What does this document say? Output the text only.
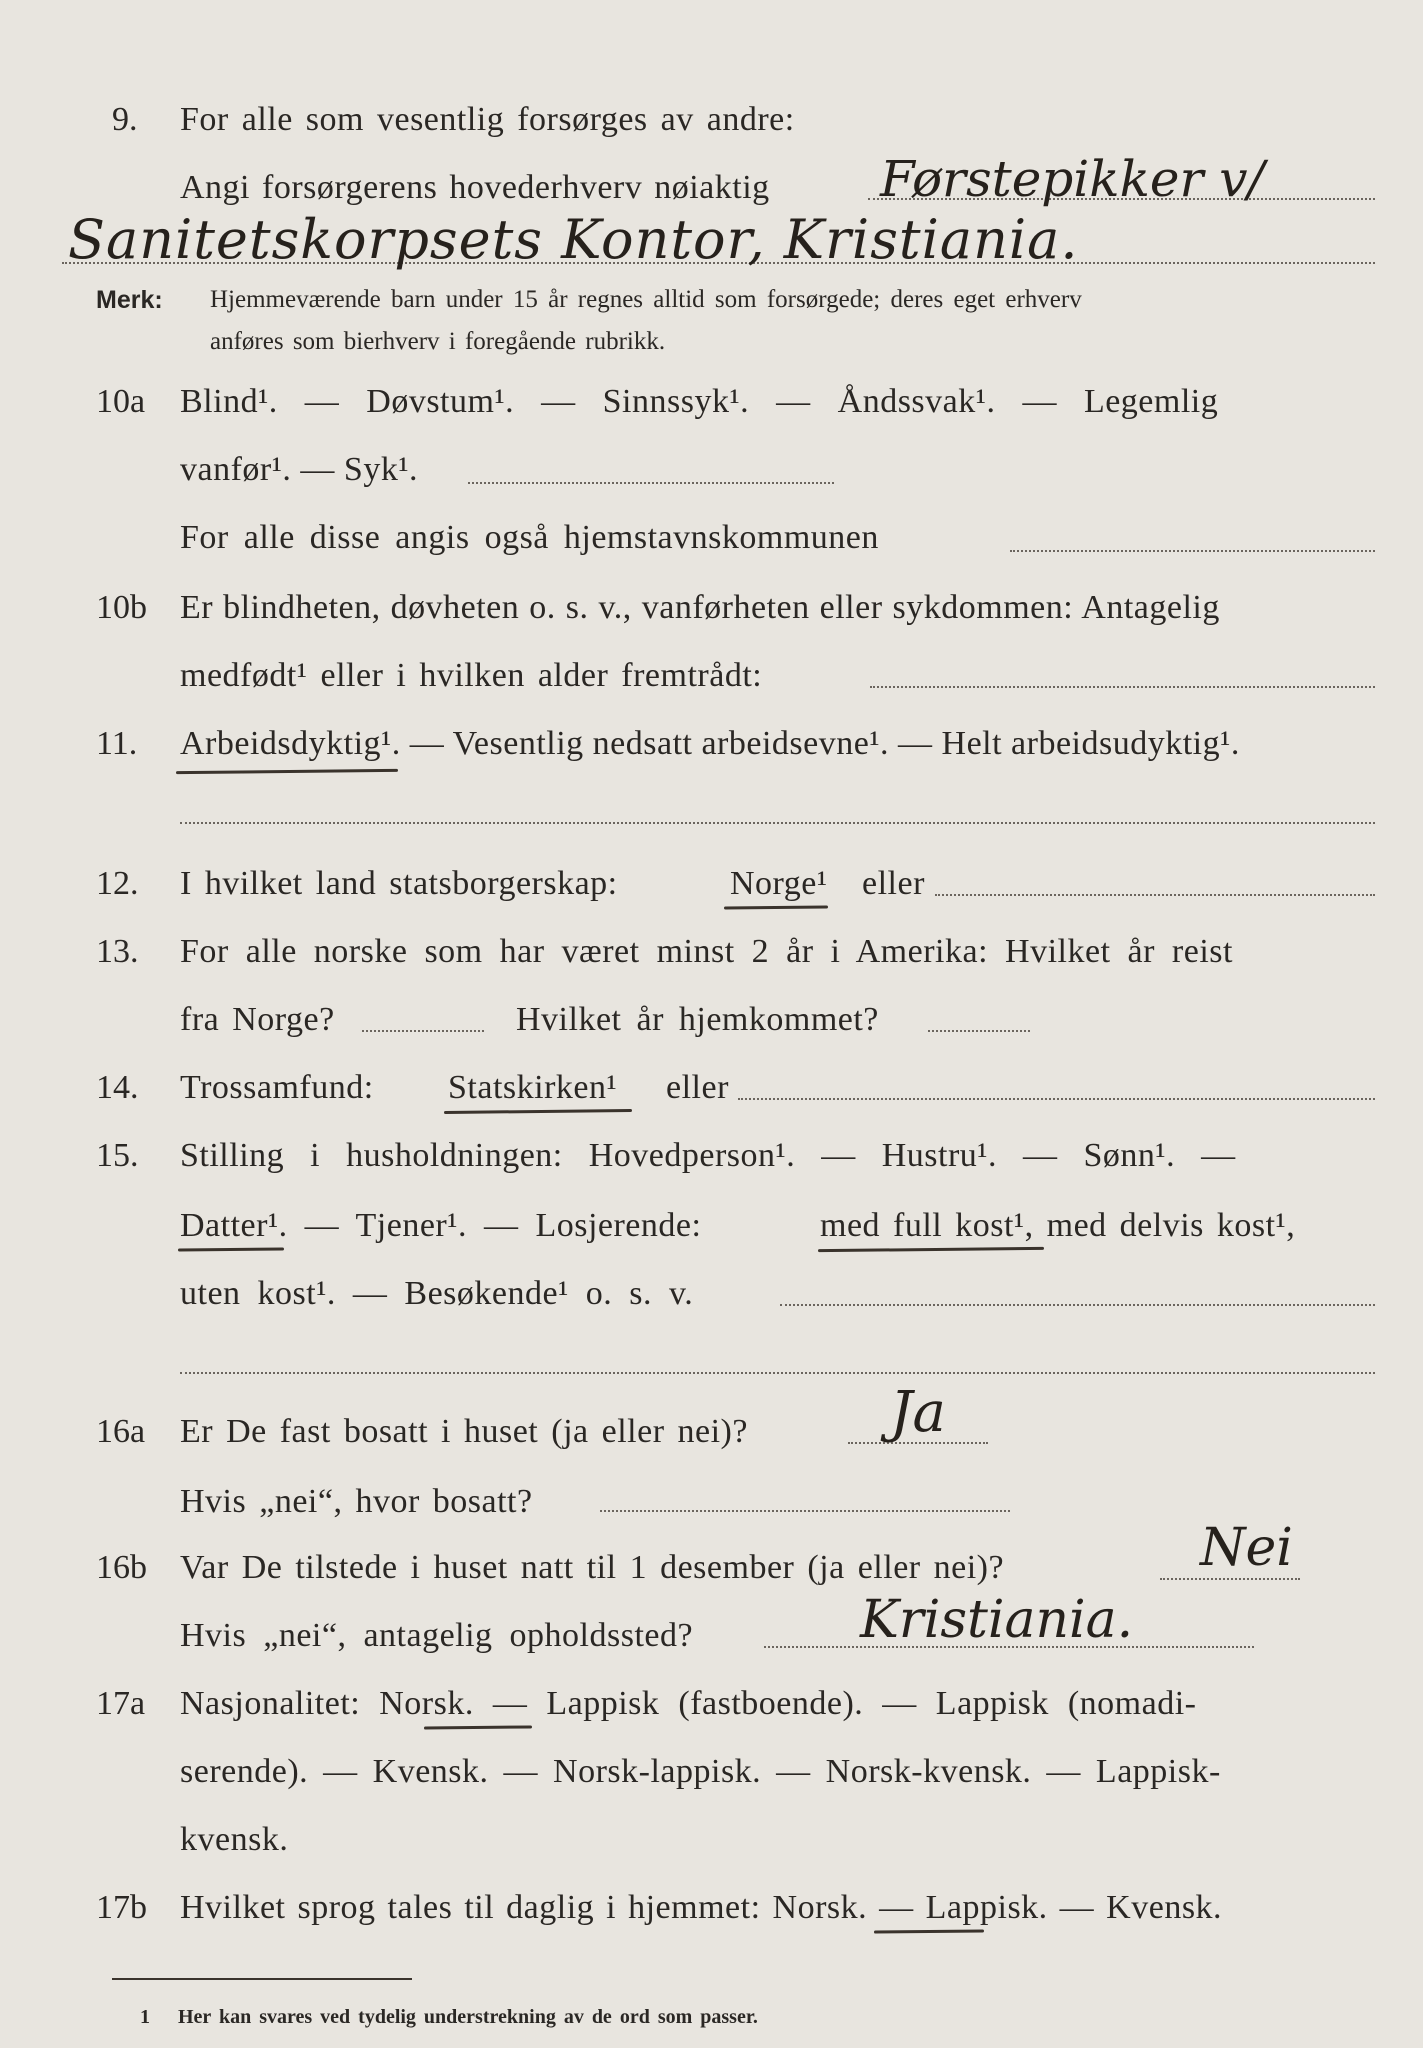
9. For alle som vesentlig forsørges av andre:
Angi forsørgerens hovederhverv nøiaktig Førstepikker v/
Sanitetskorpsets Kontor, Kristiania.
Merk: Hjemmeværende barn under 15 år regnes alltid som forsørgede; deres eget erhverv
anføres som bierhverv i foregående rubrikk.
10a Blind¹. — Døvstum¹. — Sinnssyk¹. — Åndssvak¹. — Legemlig
vanfør¹. — Syk¹.
For alle disse angis også hjemstavnskommunen
10b Er blindheten, døvheten o. s. v., vanførheten eller sykdommen: Antagelig
medfødt¹ eller i hvilken alder fremtrådt:
11. Arbeidsdyktig¹. — Vesentlig nedsatt arbeidsevne¹. — Helt arbeidsudyktig¹.
12. I hvilket land statsborgerskap:	Norge¹ eller
13. For alle norske som har været minst 2 år i Amerika: Hvilket år reist
fra Norge?	Hvilket år hjemkommet?
14. Trossamfund: Statskirken¹ eller
15. Stilling i husholdningen: Hovedperson¹. — Hustru¹. — Sønn¹. —
Datter¹. — Tjener¹. — Losjerende:	med full kost¹, med delvis kost¹,
uten kost¹. — Besøkende¹ o. s. v.
16a Er De fast bosatt i huset (ja eller nei)?	Ja
Hvis „nei“, hvor bosatt?
16b Var De tilstede i huset natt til 1 desember (ja eller nei)?	Nei
Hvis „nei“, antagelig opholdssted?	Kristiania.
17a Nasjonalitet: Norsk. — Lappisk (fastboende). — Lappisk (nomadi-
serende). — Kvensk. — Norsk-lappisk. — Norsk-kvensk. — Lappisk-
kvensk.
17b Hvilket sprog tales til daglig i hjemmet: Norsk. — Lappisk. — Kvensk.
1 Her kan svares ved tydelig understrekning av de ord som passer.
